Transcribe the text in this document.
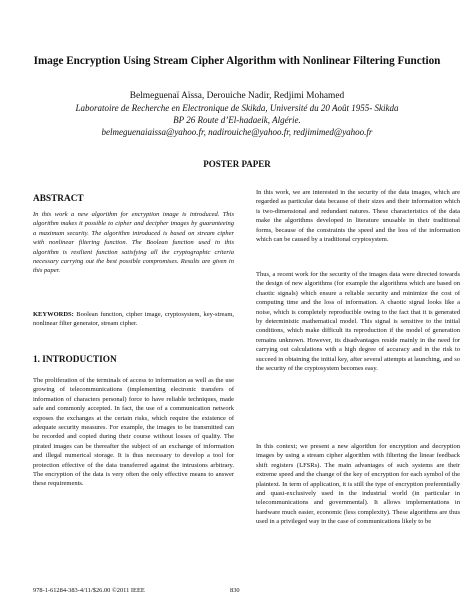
Image Encryption Using Stream Cipher Algorithm with Nonlinear Filtering Function
Belmeguenaï Aïssa, Derouiche Nadir, Redjimi Mohamed
Laboratoire de Recherche en Electronique de Skikda, Université du 20 Août 1955- Skikda
BP 26 Route d’El-hadaeik, Algérie.
belmeguenaiaissa@yahoo.fr, nadirouiche@yahoo.fr, redjimimed@yahoo.fr
POSTER PAPER
ABSTRACT
In this work a new algorithm for encryption image is introduced. This algorithm makes it possible to cipher and decipher images by guaranteeing a maximum security. The algorithm introduced is based on stream cipher with nonlinear filtering function. The Boolean function used in this algorithm is resilient function satisfying all the cryptographic criteria necessary carrying out the best possible compromises. Results are given in this paper.
KEYWORDS: Boolean function, cipher image, cryptosystem, key-stream, nonlinear filter generator, stream cipher.
1. INTRODUCTION
The proliferation of the terminals of access to information as well as the use growing of telecommunications (implementing electronic transfers of information of characters personal) force to have reliable techniques, made safe and commonly accepted. In fact, the use of a communication network exposes the exchanges at the certain risks, which require the existence of adequate security measures. For example, the images to be transmitted can be recorded and copied during their course without losses of quality. The pirated images can be thereafter the subject of an exchange of information and illegal numerical storage. It is thus necessary to develop a tool for protection effective of the data transferred against the intrusions arbitrary. The encryption of the data is very often the only effective means to answer these requirements.
In this work, we are interested in the security of the data images, which are regarded as particular data because of their sizes and their information which is two-dimensional and redundant natures. These characteristics of the data make the algorithms developed in literature unusable in their traditional forms, because of the constraints the speed and the loss of the information which can be caused by a traditional cryptosystem.
Thus, a recent work for the security of the images data were directed towards the design of new algorithms (for example the algorithms which are based on chaotic signals) which ensure a reliable security and minimize the cost of computing time and the loss of information. A chaotic signal looks like a noise, which is completely reproducible owing to the fact that it is generated by deterministic mathematical model. This signal is sensitive to the initial conditions, which make difficult its reproduction if the model of generation remains unknown. However, its disadvantages reside mainly in the need for carrying out calculations with a high degree of accuracy and in the risk to succeed in obtaining the initial key, after several attempts at launching, and so the security of the cryptosystem becomes easy.
In this context; we present a new algorithm for encryption and decryption images by using a stream cipher algorithm with filtering the linear feedback shift registers (LFSRs). The main advantages of such systems are their extreme speed and the change of the key of encryption for each symbol of the plaintext. In term of application, it is still the type of encryption preferentially and quasi-exclusively used in the industrial world (in particular in telecommunications and governmental). It allows implementations in hardware much easier, economic (less complexity). These algorithms are thus used in a privileged way in the case of communications likely to be
978-1-61284-383-4/11/$26.00 ©2011 IEEE	830
